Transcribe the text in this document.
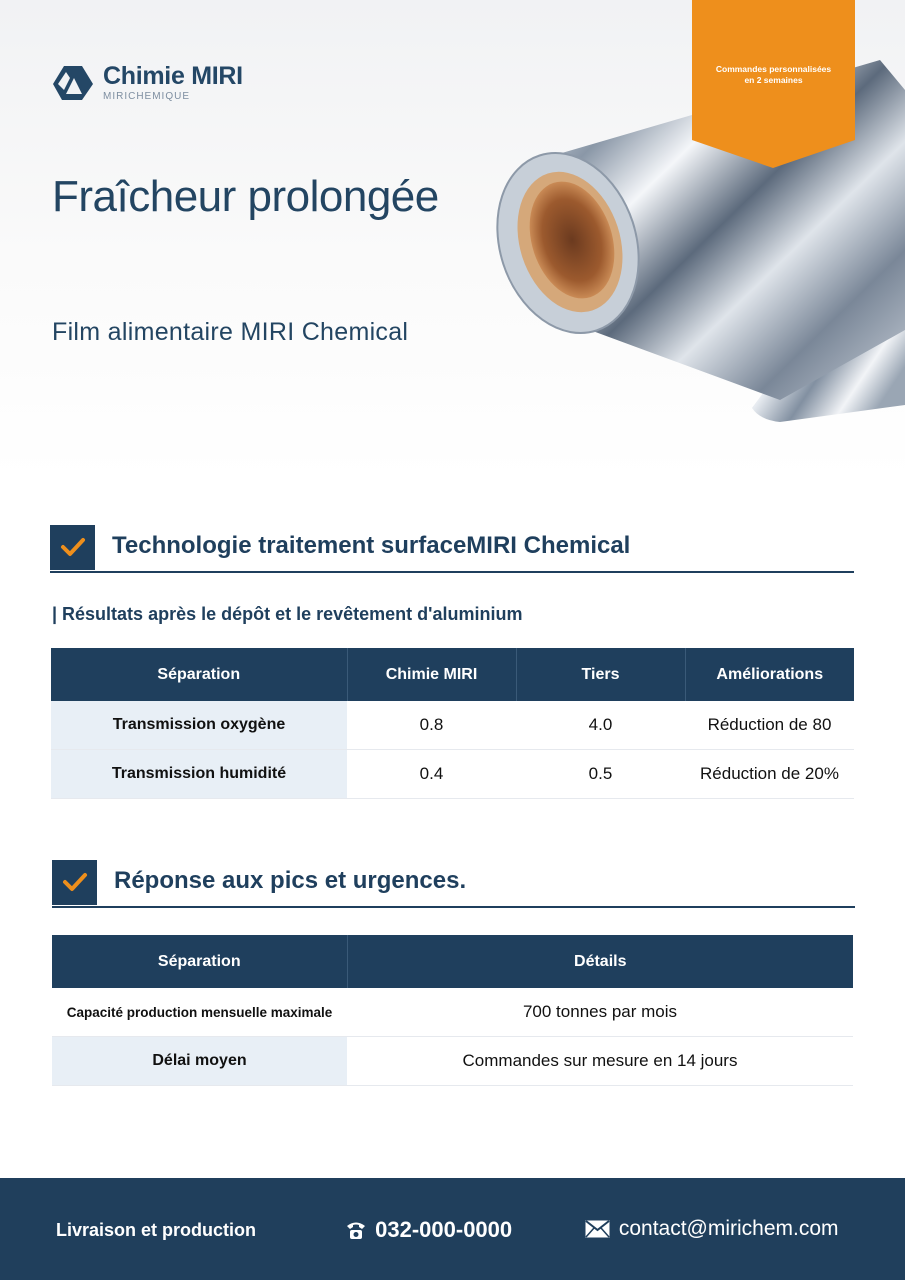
Chimie MIRI
MIRICHEMIQUE
Fraîcheur prolongée
Film alimentaire MIRI Chemical
Commandes personnalisées
en 2 semaines
Technologie traitement surfaceMIRI Chemical
| Résultats après le dépôt et le revêtement d'aluminium
Séparation	Chimie MIRI	Tiers	Améliorations
Transmission oxygène	0.8	4.0	Réduction de 80
Transmission humidité	0.4	0.5	Réduction de 20%
Réponse aux pics et urgences.
Séparation	Détails
Capacité production mensuelle maximale	700 tonnes par mois
Délai moyen	Commandes sur mesure en 14 jours
Livraison et production	032-000-0000	contact@mirichem.com
